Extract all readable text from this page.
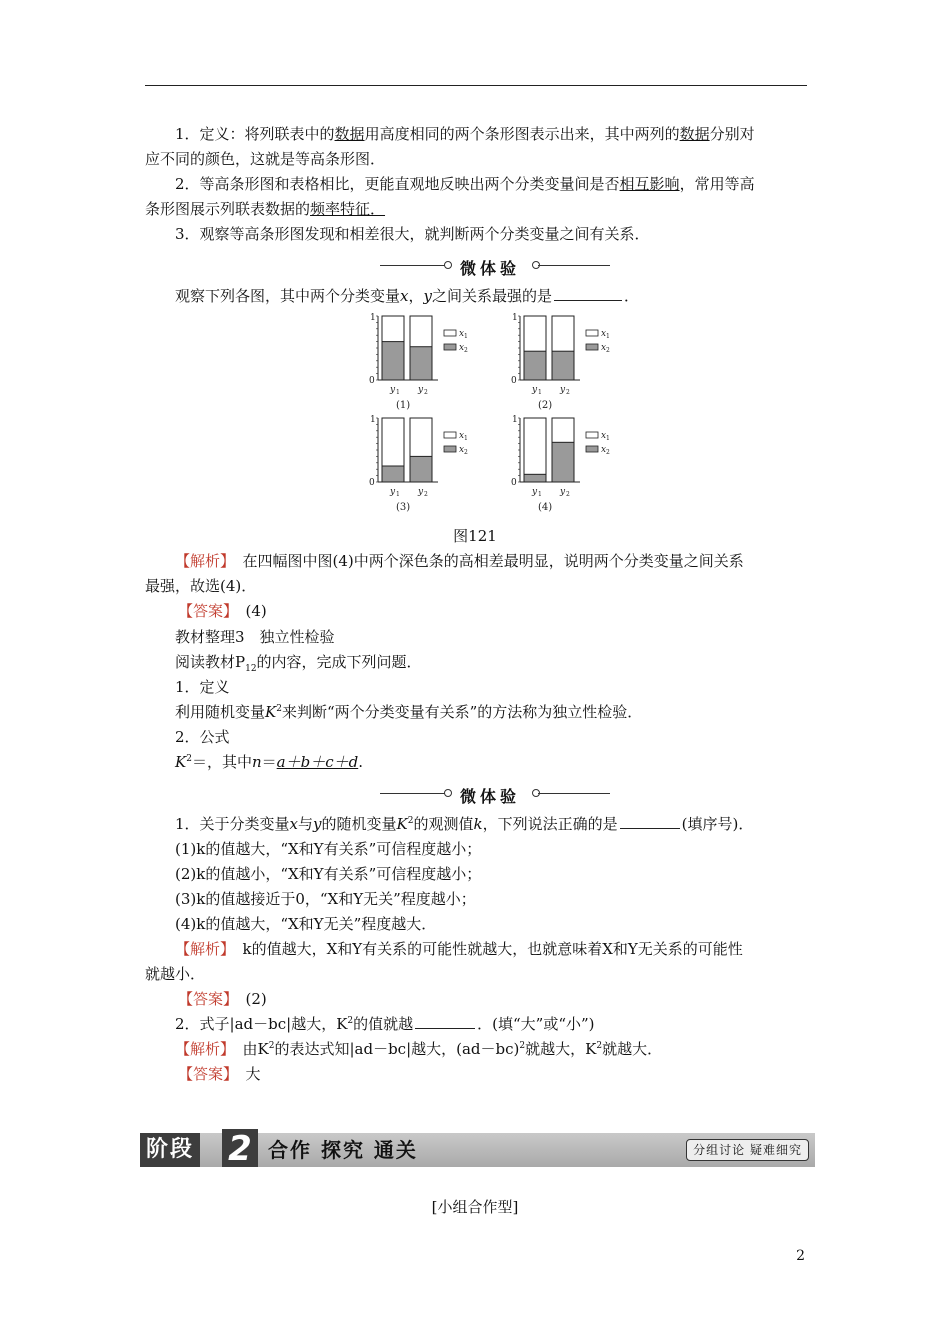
1．定义：将列联表中的数据用高度相同的两个条形图表示出来，其中两列的数据分别对
应不同的颜色，这就是等高条形图．
2．等高条形图和表格相比，更能直观地反映出两个分类变量间是否相互影响，常用等高
条形图展示列联表数据的频率特征．
3．观察等高条形图发现和相差很大，就判断两个分类变量之间有关系．
微体验
观察下列各图，其中两个分类变量x，y之间关系最强的是	．
1
0
y 1 y 2
x 1
x 2
(1)
1
0
y 1 y 2
x 1
x 2
(2)
1
0
y 1 y 2
x 1
x 2
(3)
1
0
y 1 y 2
x 1
x 2
(4)
图121
【解析】　在四幅图中图(4)中两个深色条的高相差最明显，说明两个分类变量之间关系
最强，故选(4)．
【答案】　(4)
教材整理3　独立性检验
阅读教材$P_{12}$的内容，完成下列问题．
1．定义
利用随机变量$K^2$来判断“两个分类变量有关系”的方法称为独立性检验．
2．公式
$K^2=$，其中n＝a＋b＋c＋d.
微体验
1．关于分类变量x与y的随机变量$K^2$的观测值k，下列说法正确的是	(填序号)．
(1)k的值越大，“X和Y有关系”可信程度越小；
(2)k的值越小，“X和Y有关系”可信程度越小；
(3)k的值越接近于0，“X和Y无关”程度越小；
(4)k的值越大，“X和Y无关”程度越大．
【解析】　k的值越大，X和Y有关系的可能性就越大，也就意味着X和Y无关系的可能性
就越小．
【答案】　(2)
2．式子|ad－bc|越大，$K^2$的值就越	．(填“大”或“小”)
【解析】　由$K^2$的表达式知|ad－bc|越大，$(ad-bc)^2$就越大，$K^2$就越大．
【答案】　大
阶段 2 合作 探究 通关	分组讨论 疑难细究
[小组合作型]
2
